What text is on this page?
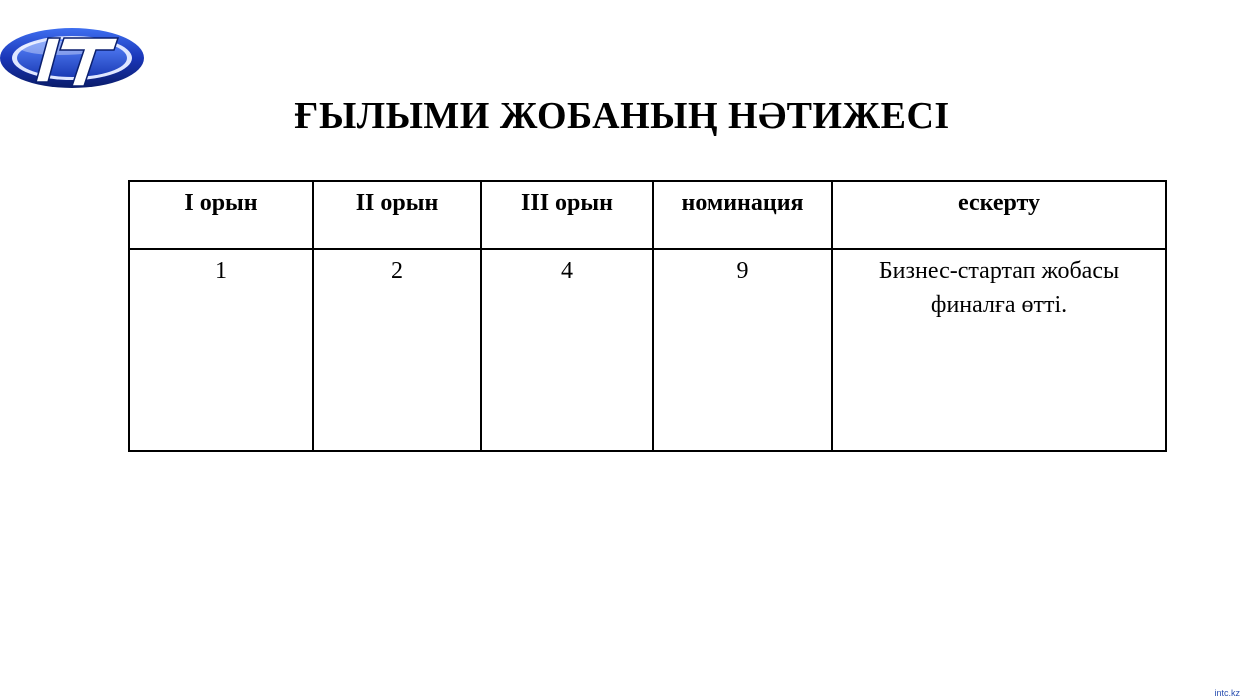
ҒЫЛЫМИ ЖОБАНЫҢ НӘТИЖЕСІ
І орын	ІІ орын	ІІІ орын	номинация	ескерту
1	2	4	9	Бизнес-стартап жобасы финалға өтті.
intc.kz
